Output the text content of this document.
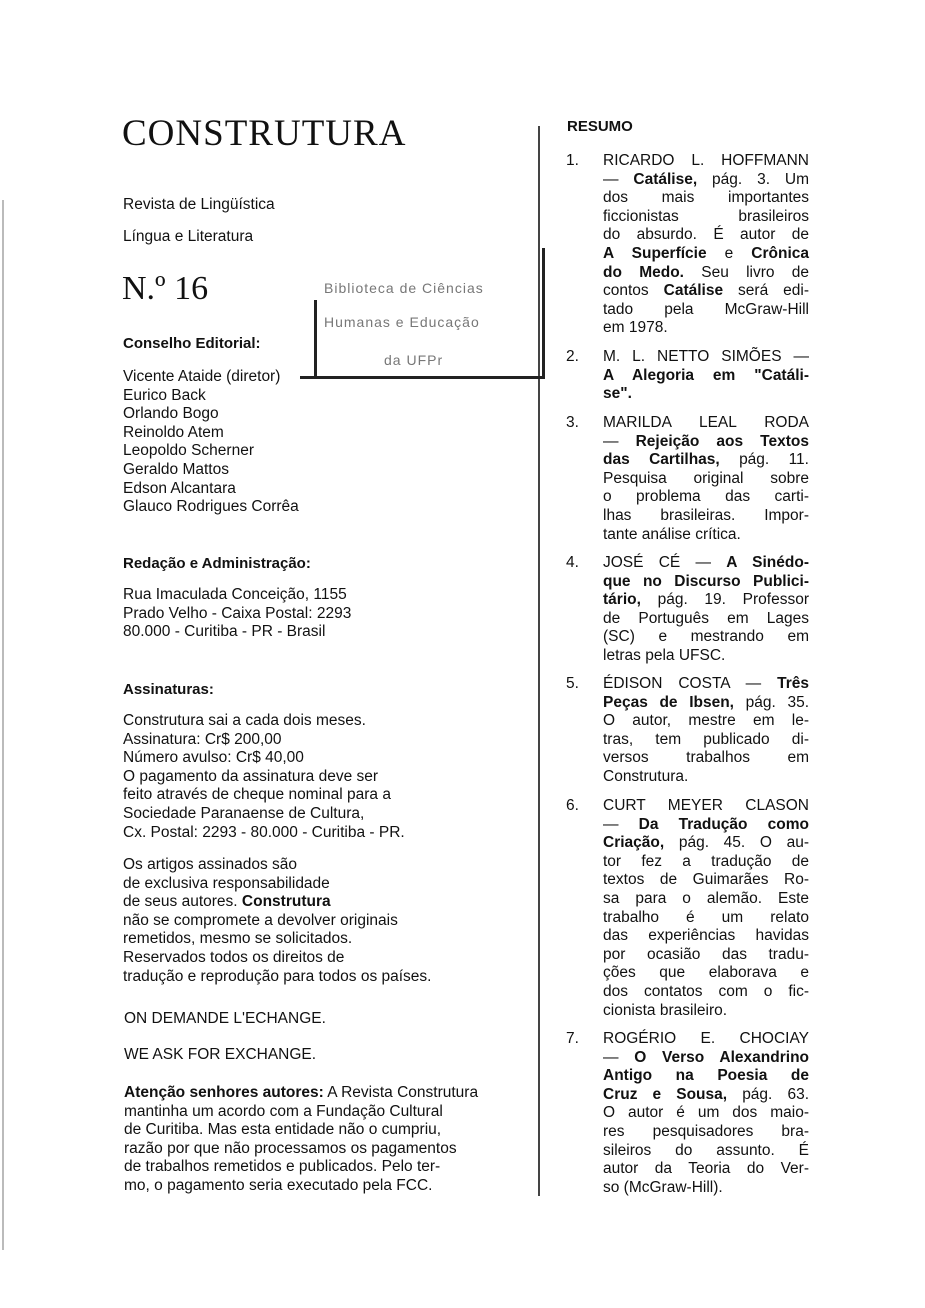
CONSTRUTURA
Revista de Lingüística
Língua e Literatura
N.º 16	Biblioteca de Ciências
Humanas e Educação
da UFPr
Conselho Editorial:
Vicente Ataide (diretor)
Eurico Back
Orlando Bogo
Reinoldo Atem
Leopoldo Scherner
Geraldo Mattos
Edson Alcantara
Glauco Rodrigues Corrêa
Redação e Administração:
Rua Imaculada Conceição, 1155
Prado Velho - Caixa Postal: 2293
80.000 - Curitiba - PR - Brasil
Assinaturas:
Construtura sai a cada dois meses.
Assinatura: Cr$ 200,00
Número avulso: Cr$ 40,00
O pagamento da assinatura deve ser
feito através de cheque nominal para a
Sociedade Paranaense de Cultura,
Cx. Postal: 2293 - 80.000 - Curitiba - PR.
Os artigos assinados são
de exclusiva responsabilidade
de seus autores. Construtura
não se compromete a devolver originais
remetidos, mesmo se solicitados.
Reservados todos os direitos de
tradução e reprodução para todos os países.
ON DEMANDE L'ECHANGE.
WE ASK FOR EXCHANGE.
Atenção senhores autores: A Revista Construtura
mantinha um acordo com a Fundação Cultural
de Curitiba. Mas esta entidade não o cumpriu,
razão por que não processamos os pagamentos
de trabalhos remetidos e publicados. Pelo ter-
mo, o pagamento seria executado pela FCC.
RESUMO
1. RICARDO L. HOFFMANN
— Catálise, pág. 3. Um
dos mais importantes
ficcionistas brasileiros
do absurdo. É autor de
A Superfície e Crônica
do Medo. Seu livro de
contos Catálise será edi-
tado pela McGraw-Hill
em 1978.
2. M. L. NETTO SIMÕES —
A Alegoria em "Catáli-
se".
3. MARILDA LEAL RODA
— Rejeição aos Textos
das Cartilhas, pág. 11.
Pesquisa original sobre
o problema das carti-
lhas brasileiras. Impor-
tante análise crítica.
4. JOSÉ CÉ — A Sinédo-
que no Discurso Publici-
tário, pág. 19. Professor
de Português em Lages
(SC) e mestrando em
letras pela UFSC.
5. ÉDISON COSTA — Três
Peças de Ibsen, pág. 35.
O autor, mestre em le-
tras, tem publicado di-
versos trabalhos em
Construtura.
6. CURT MEYER CLASON
— Da Tradução como
Criação, pág. 45. O au-
tor fez a tradução de
textos de Guimarães Ro-
sa para o alemão. Este
trabalho é um relato
das experiências havidas
por ocasião das tradu-
ções que elaborava e
dos contatos com o fic-
cionista brasileiro.
7. ROGÉRIO E. CHOCIAY
— O Verso Alexandrino
Antigo na Poesia de
Cruz e Sousa, pág. 63.
O autor é um dos maio-
res pesquisadores bra-
sileiros do assunto. É
autor da Teoria do Ver-
so (McGraw-Hill).
